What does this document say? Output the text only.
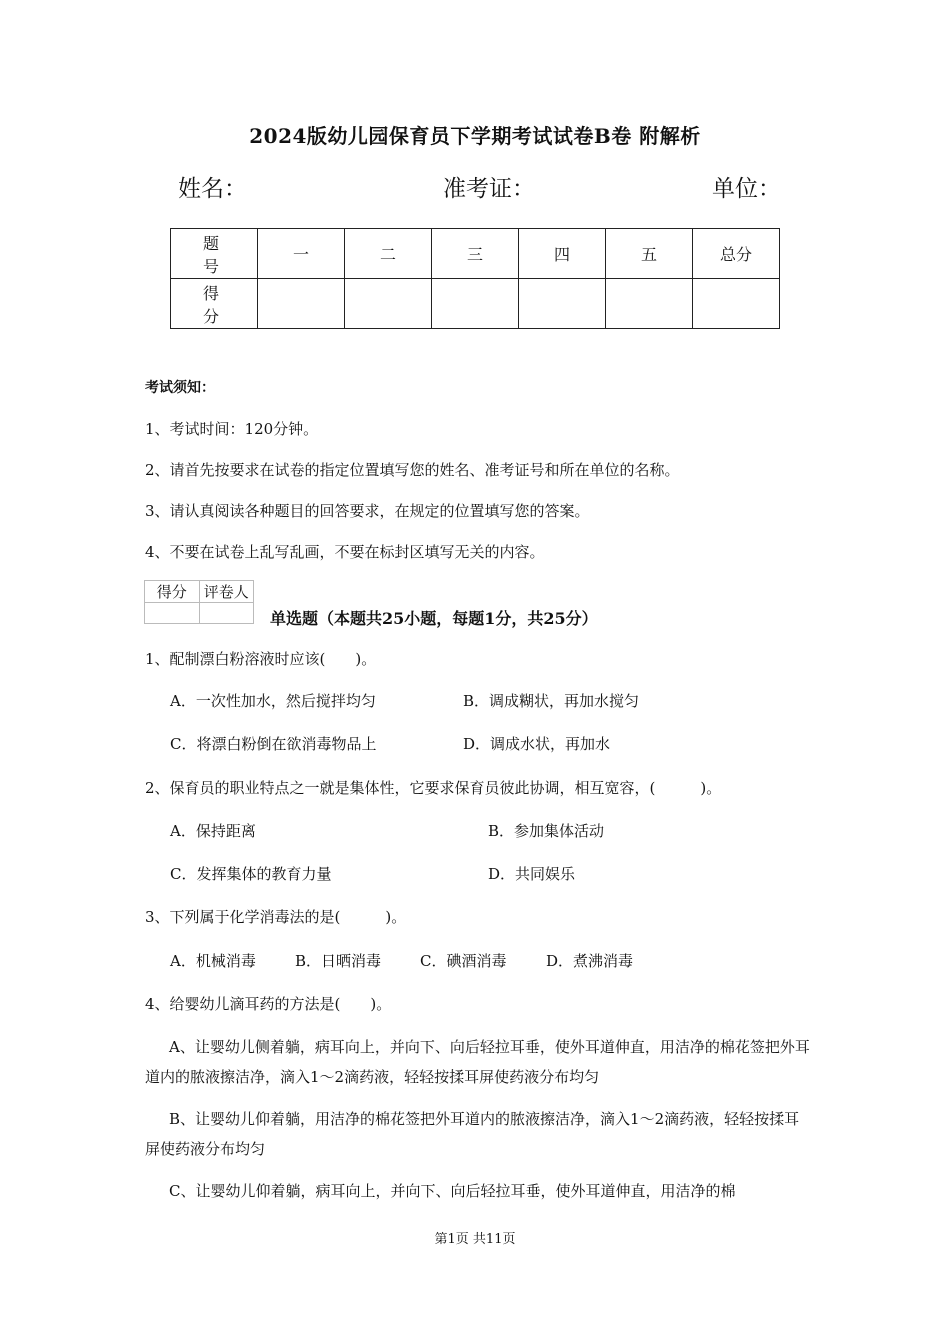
2024版幼儿园保育员下学期考试试卷B卷 附解析
姓名：	准考证：	单位：
题　号	一	二	三	四	五	总分
得　分						
考试须知：
1、考试时间：120分钟。
2、请首先按要求在试卷的指定位置填写您的姓名、准考证号和所在单位的名称。
3、请认真阅读各种题目的回答要求，在规定的位置填写您的答案。
4、不要在试卷上乱写乱画，不要在标封区填写无关的内容。
得分	评卷人

单选题（本题共25小题，每题1分，共25分）
1、配制漂白粉溶液时应该(　　)。
A．一次性加水，然后搅拌均匀	B．调成糊状，再加水搅匀
C．将漂白粉倒在欲消毒物品上	D．调成水状，再加水
2、保育员的职业特点之一就是集体性，它要求保育员彼此协调，相互宽容，(　　　)。
A．保持距离	B．参加集体活动
C．发挥集体的教育力量	D．共同娱乐
3、下列属于化学消毒法的是(　　　)。
A．机械消毒	B．日晒消毒	C．碘酒消毒	D．煮沸消毒
4、给婴幼儿滴耳药的方法是(　　)。
A、让婴幼儿侧着躺，病耳向上，并向下、向后轻拉耳垂，使外耳道伸直，用洁净的棉花签把外耳道内的脓液擦洁净，滴入1～2滴药液，轻轻按揉耳屏使药液分布均匀
B、让婴幼儿仰着躺，用洁净的棉花签把外耳道内的脓液擦洁净，滴入1～2滴药液，轻轻按揉耳屏使药液分布均匀
C、让婴幼儿仰着躺，病耳向上，并向下、向后轻拉耳垂，使外耳道伸直，用洁净的棉
第1页 共11页
